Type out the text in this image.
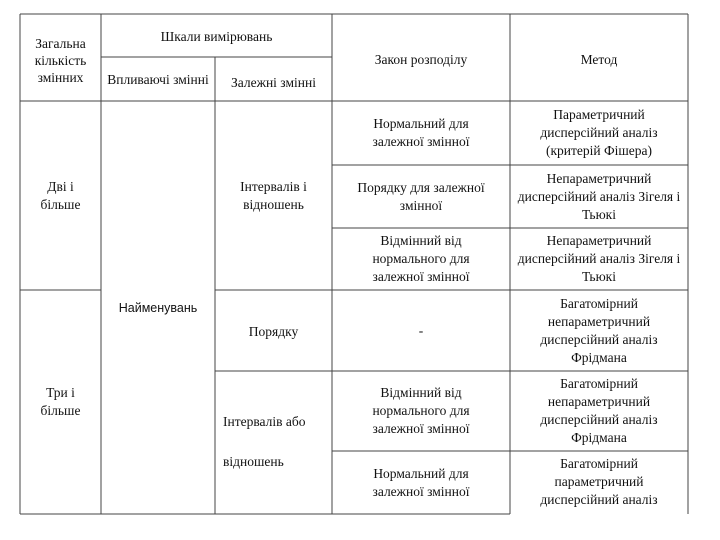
Загальна кількість змінних
Шкали вимірювань
Впливаючі змінні Залежні змінні
Закон розподілу	Метод
Дві і більше
Три і більше
Найменувань
Інтервалів і відношень
Порядку
Інтервалів або
відношень
Нормальний для залежної змінної
Порядку для залежної змінної
Відмінний від нормального для залежної змінної
-
Відмінний від нормального для залежної змінної
Нормальний для залежної змінної
Параметричний дисперсійний аналіз (критерій Фішера)
Непараметричний дисперсійний аналіз Зігеля і Тьюкі
Непараметричний дисперсійний аналіз Зігеля і Тьюкі
Багатомірний непараметричний дисперсійний аналіз Фрідмана
Багатомірний непараметричний дисперсійний аналіз Фрідмана
Багатомірний параметричний дисперсійний аналіз
